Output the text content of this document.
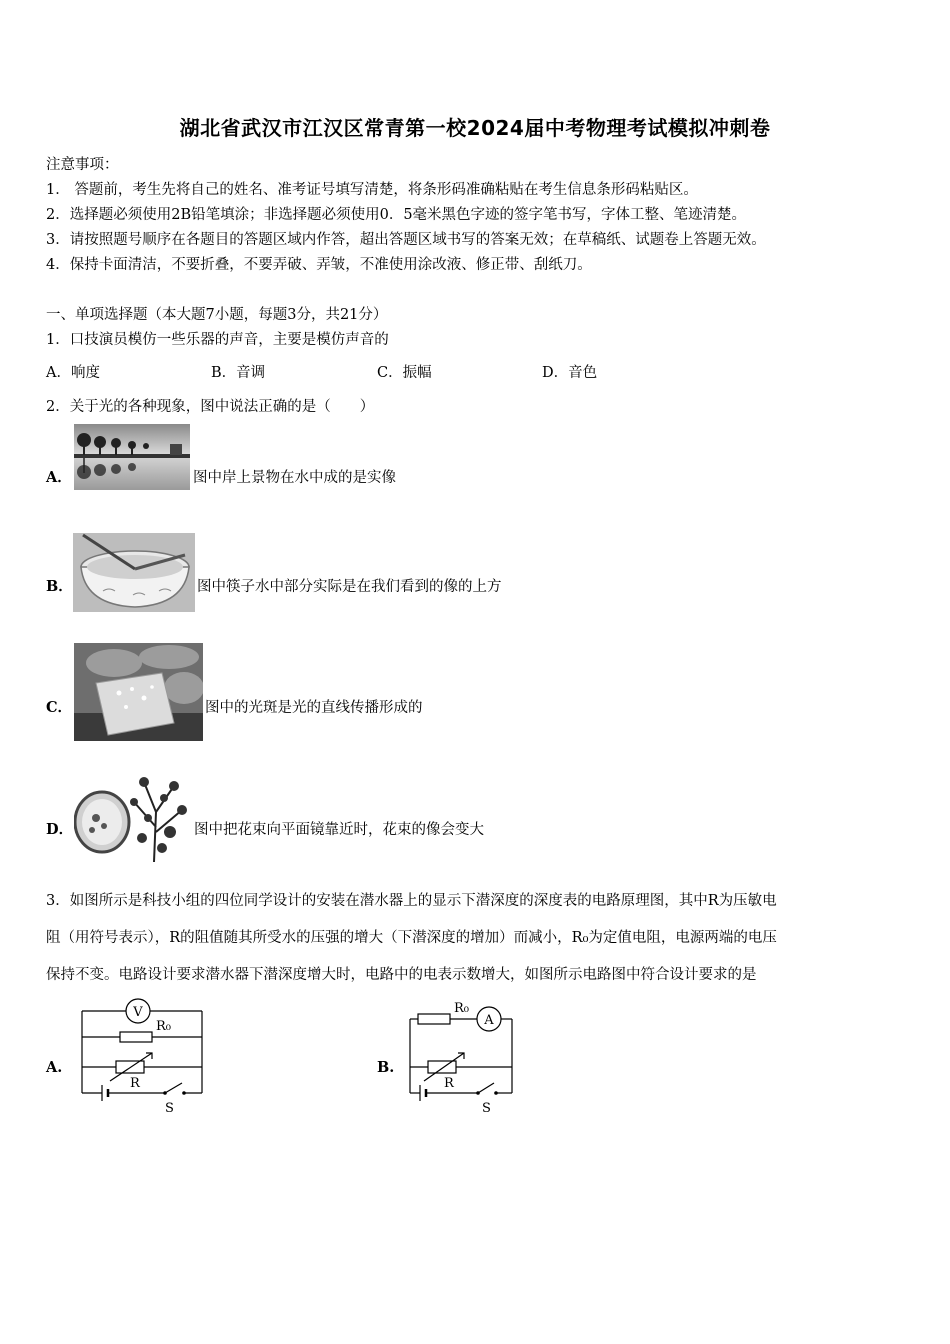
湖北省武汉市江汉区常青第一校2024届中考物理考试模拟冲刺卷
注意事项：
1． 答题前，考生先将自己的姓名、准考证号填写清楚，将条形码准确粘贴在考生信息条形码粘贴区。
2．选择题必须使用2B铅笔填涂；非选择题必须使用0．5毫米黑色字迹的签字笔书写，字体工整、笔迹清楚。
3．请按照题号顺序在各题目的答题区域内作答，超出答题区域书写的答案无效；在草稿纸、试题卷上答题无效。
4．保持卡面清洁，不要折叠，不要弄破、弄皱，不准使用涂改液、修正带、刮纸刀。
一、单项选择题（本大题7小题，每题3分，共21分）
1．口技演员模仿一些乐器的声音，主要是模仿声音的
A．响度	B．音调	C．振幅	D．音色
2．关于光的各种现象，图中说法正确的是（　　）
A．	图中岸上景物在水中成的是实像
B．	图中筷子水中部分实际是在我们看到的像的上方
C．	图中的光斑是光的直线传播形成的
D．	图中把花束向平面镜靠近时，花束的像会变大
3．如图所示是科技小组的四位同学设计的安装在潜水器上的显示下潜深度的深度表的电路原理图，其中R为压敏电
阻（用符号表示），R的阻值随其所受水的压强的增大（下潜深度的增加）而减小，R₀为定值电阻，电源两端的电压
保持不变。电路设计要求潜水器下潜深度增大时，电路中的电表示数增大，如图所示电路图中符合设计要求的是
A.
V
R₀
R
S
B.
A
R₀
R
S
